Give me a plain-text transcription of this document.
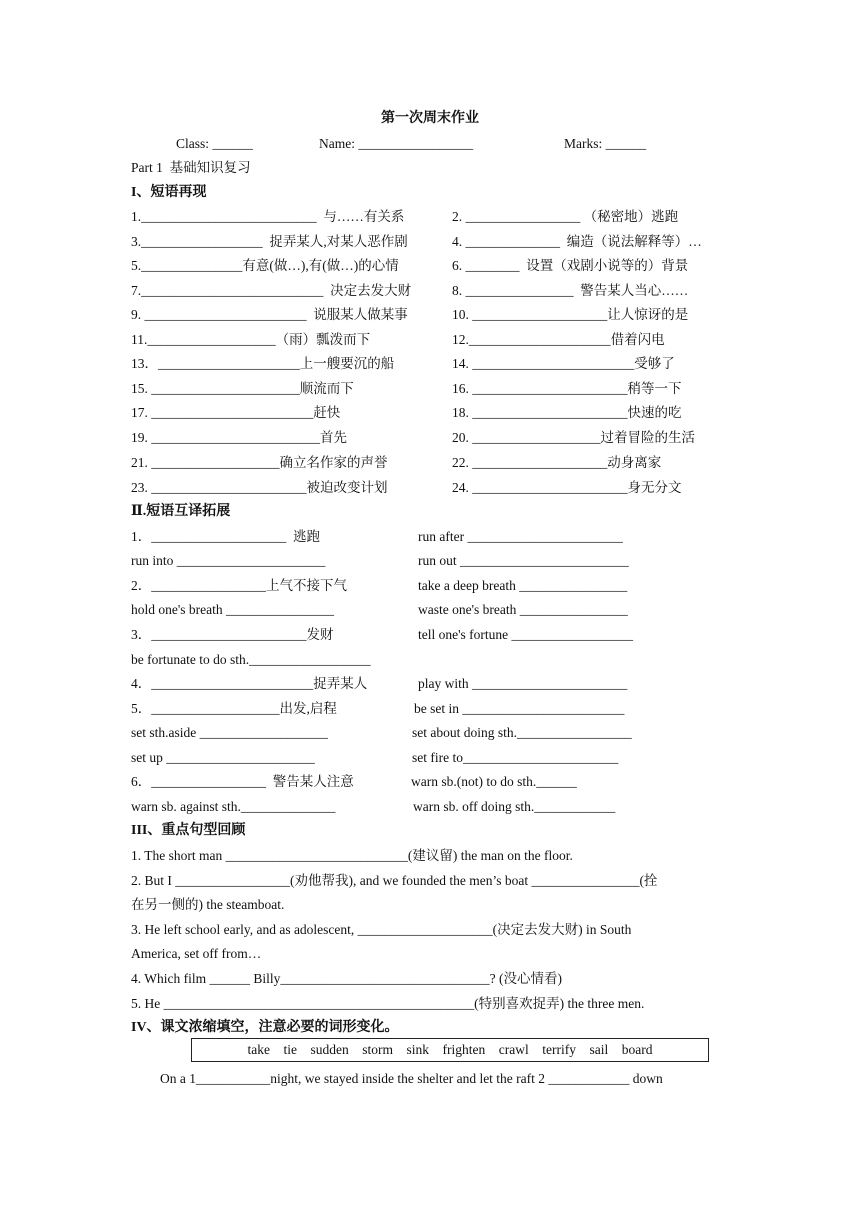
第一次周末作业
Class: ______	Name: _________________	Marks: ______
Part 1  基础知识复习
I、短语再现
1.__________________________  与……有关系	2. _________________ （秘密地）逃跑
3.__________________  捉弄某人,对某人恶作剧	4. ______________  编造（说法解释等）…
5._______________有意(做…),有(做…)的心情	6. ________  设置（戏剧小说等的）背景
7.___________________________  决定去发大财	8. ________________  警告某人当心……
9. ________________________  说服某人做某事	10. ____________________让人惊讶的是
11.___________________（雨）瓢泼而下	12._____________________借着闪电
13．_____________________上一艘要沉的船	14. ________________________受够了
15. ______________________顺流而下	16. _______________________稍等一下
17. ________________________赶快	18. _______________________快速的吃
19. _________________________首先	20. ___________________过着冒险的生活
21. ___________________确立名作家的声誉	22. ____________________动身离家
23. _______________________被迫改变计划	24. _______________________身无分文
Ⅱ.短语互译拓展
1．____________________  逃跑	run after _______________________
run into ______________________	run out _________________________
2．_________________上气不接下气	take a deep breath ________________
hold one's breath ________________	waste one's breath ________________
3．_______________________发财	tell one's fortune __________________
be fortunate to do sth.__________________
4．________________________捉弄某人	play with _______________________
5．___________________出发,启程	be set in ________________________
set sth.aside ___________________	set about doing sth._________________
set up ______________________	set fire to_______________________
6．_________________  警告某人注意	warn sb.(not) to do sth.______
warn sb. against sth.______________	warn sb. off doing sth.____________
III、重点句型回顾
1. The short man ___________________________(建议留) the man on the floor.
2. But I _________________(劝他帮我), and we founded the men’s boat ________________(拴
在另一侧的) the steamboat.
3. He left school early, and as adolescent, ____________________(决定去发大财) in South
America, set off from…
4. Which film ______ Billy_______________________________? (没心情看)
5. He ______________________________________________(特别喜欢捉弄) the three men.
IV、课文浓缩填空，注意必要的词形变化。
take    tie    sudden    storm    sink    frighten    crawl    terrify    sail    board
On a 1___________night, we stayed inside the shelter and let the raft 2 ____________ down
